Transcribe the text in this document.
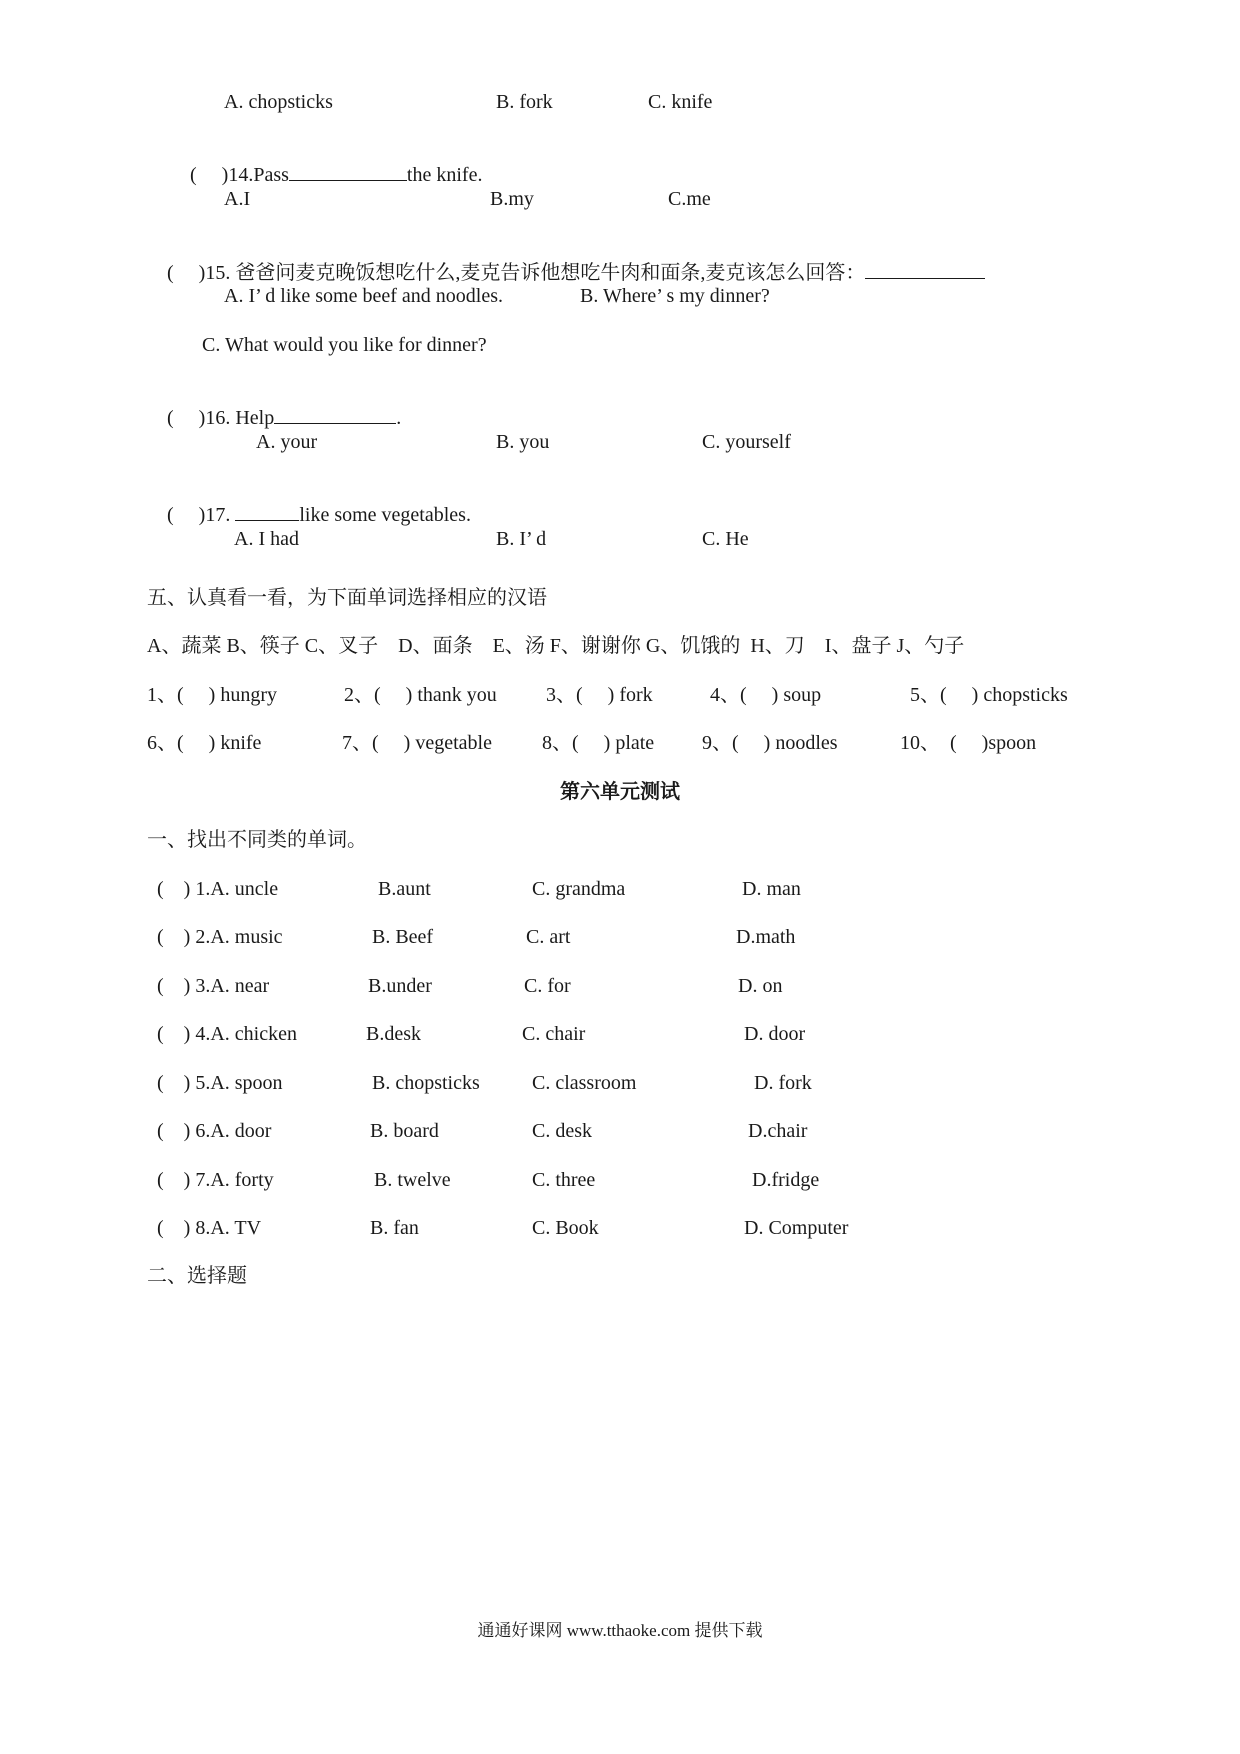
A. chopsticks	B. fork	C. knife

( )14.Pass	the knife.

A.I	B.my	C.me

( )15. 爸爸问麦克晚饭想吃什么,麦克告诉他想吃牛肉和面条,麦克该怎么回答：

A. I’ d like some beef and noodles.	B. Where’ s my dinner?
C. What would you like for dinner?

( )16. Help	.

A. your	B. you	C. yourself

( )17.	like some vegetables.

A. I had	B. I’ d	C. He
五、认真看一看，为下面单词选择相应的汉语
A、蔬菜 B、筷子 C、叉子    D、面条    E、汤 F、谢谢你 G、饥饿的  H、刀    I、盘子 J、勺子
1、(     ) hungry	2、(     ) thank you 3、(     ) fork	4、(     ) soup	5、(     ) chopsticks
6、(     ) knife	7、(     ) vegetable	8、(     ) plate 9、(     ) noodles	10、  (     )spoon
第六单元测试
一、找出不同类的单词。
(    ) 1.A. uncle	B.aunt	C. grandma	D. man
(    ) 2.A. music	B. Beef	C. art	D.math
(    ) 3.A. near	B.under	C. for	D. on
(    ) 4.A. chicken	B.desk	C. chair	D. door
(    ) 5.A. spoon	B. chopsticks	C. classroom	D. fork
(    ) 6.A. door	B. board	C. desk	D.chair
(    ) 7.A. forty	B. twelve	C. three	D.fridge
(    ) 8.A. TV	B. fan	C. Book	D. Computer
二、选择题
通通好课网 www.tthaoke.com 提供下载
